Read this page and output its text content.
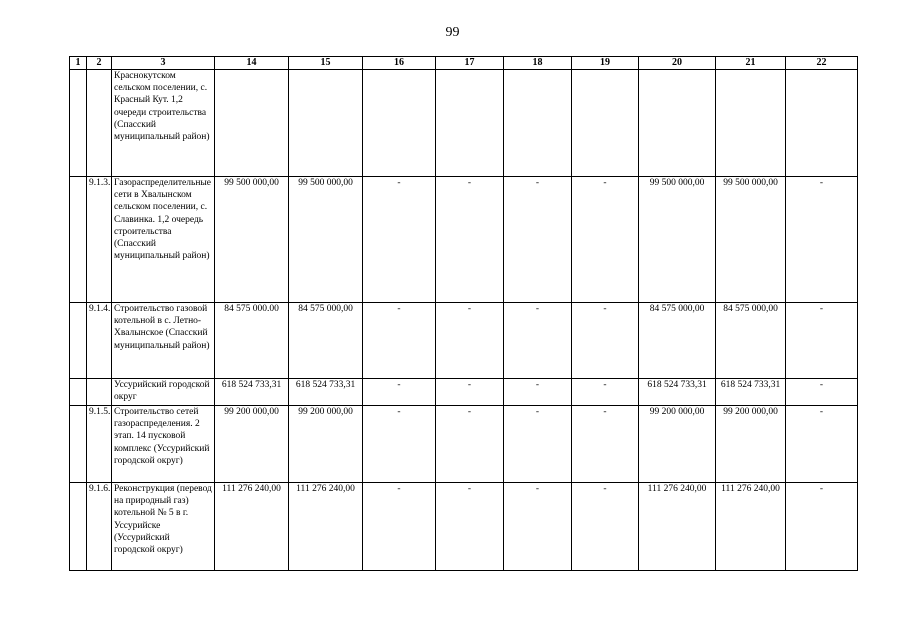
99
1	2	3	14	15	16	17	18	19	20	21	22
		Краснокутском сельском поселении, с. Красный Кут. 1,2 очереди строительства (Спасский муниципальный район)									
	9.1.3.	Газораспределительные сети в Хвалынском сельском поселении, с. Славинка. 1,2 очередь строительства (Спасский муниципальный район)	99 500 000,00	99 500 000,00	-	-	-	-	99 500 000,00	99 500 000,00	-
	9.1.4.	Строительство газовой котельной в с. Летно-Хвалынское (Спасский муниципальный район)	84 575 000.00	84 575 000,00	-	-	-	-	84 575 000,00	84 575 000,00	-
		Уссурийский городской округ	618 524 733,31	618 524 733,31	-	-	-	-	618 524 733,31	618 524 733,31	-
	9.1.5.	Строительство сетей газораспределения. 2 этап. 14 пусковой комплекс (Уссурийский городской округ)	99 200 000,00	99 200 000,00	-	-	-	-	99 200 000,00	99 200 000,00	-
	9.1.6.	Реконструкция (перевод на природный газ) котельной № 5 в г. Уссурийске (Уссурийский городской округ)	111 276 240,00	111 276 240,00	-	-	-	-	111 276 240,00	111 276 240,00	-
